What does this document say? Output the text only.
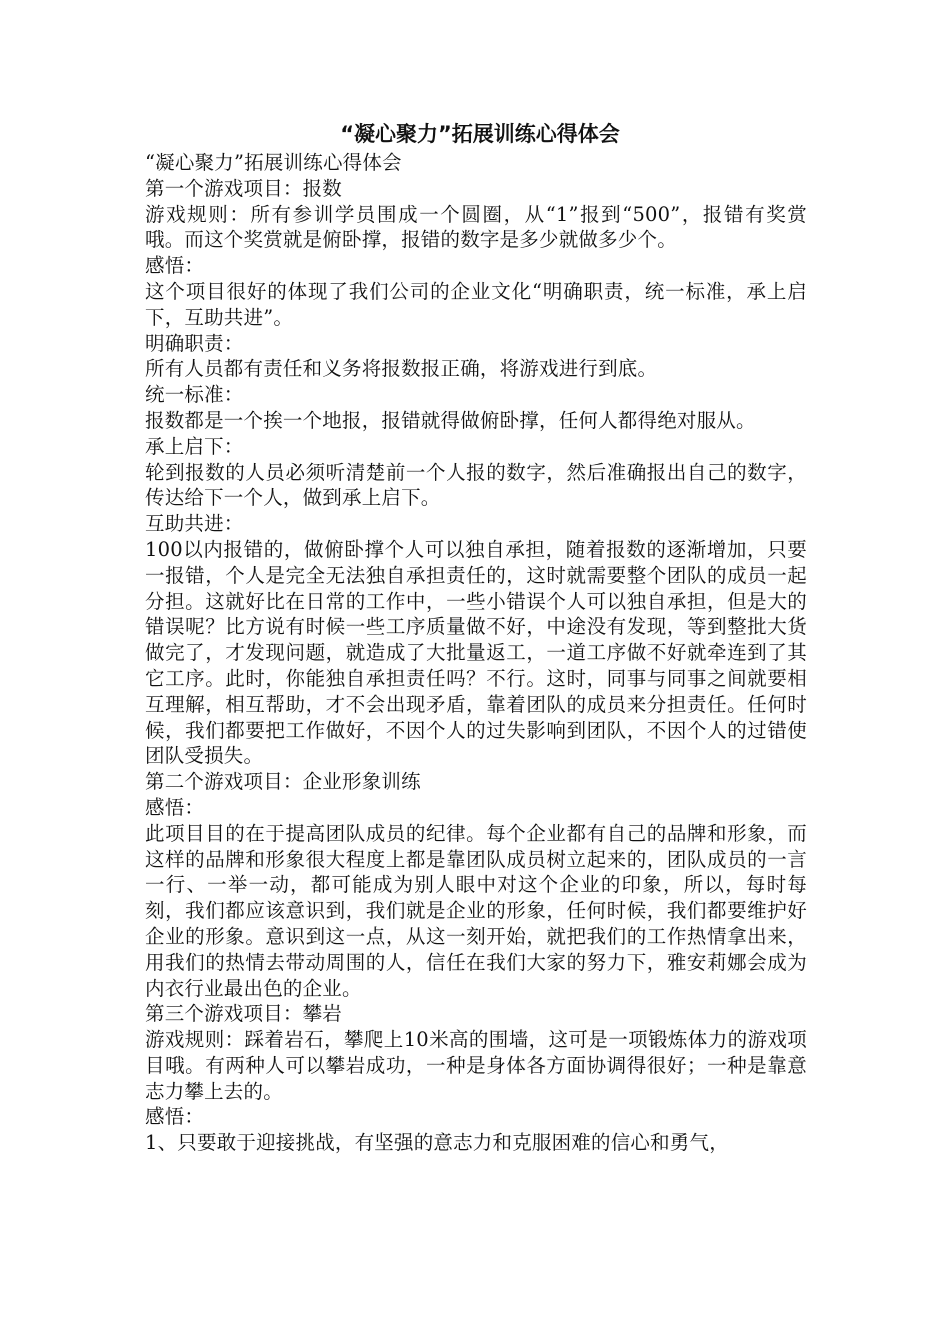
“凝心聚力”拓展训练心得体会

“凝心聚力”拓展训练心得体会

第一个游戏项目：报数

游戏规则：所有参训学员围成一个圆圈，从“1”报到“500”，报错有奖赏哦。而这个奖赏就是俯卧撑，报错的数字是多少就做多少个。

感悟：

这个项目很好的体现了我们公司的企业文化“明确职责，统一标准，承上启下，互助共进”。

明确职责：

所有人员都有责任和义务将报数报正确，将游戏进行到底。

统一标准：

报数都是一个挨一个地报，报错就得做俯卧撑，任何人都得绝对服从。

承上启下：

轮到报数的人员必须听清楚前一个人报的数字，然后准确报出自己的数字，传达给下一个人，做到承上启下。

互助共进：

100以内报错的，做俯卧撑个人可以独自承担，随着报数的逐渐增加，只要一报错，个人是完全无法独自承担责任的，这时就需要整个团队的成员一起分担。这就好比在日常的工作中，一些小错误个人可以独自承担，但是大的错误呢？比方说有时候一些工序质量做不好，中途没有发现，等到整批大货做完了，才发现问题，就造成了大批量返工，一道工序做不好就牵连到了其它工序。此时，你能独自承担责任吗？不行。这时，同事与同事之间就要相互理解，相互帮助，才不会出现矛盾，靠着团队的成员来分担责任。任何时候，我们都要把工作做好，不因个人的过失影响到团队，不因个人的过错使团队受损失。

第二个游戏项目：企业形象训练

感悟：

此项目目的在于提高团队成员的纪律。每个企业都有自己的品牌和形象，而这样的品牌和形象很大程度上都是靠团队成员树立起来的，团队成员的一言一行、一举一动，都可能成为别人眼中对这个企业的印象，所以，每时每刻，我们都应该意识到，我们就是企业的形象，任何时候，我们都要维护好企业的形象。意识到这一点，从这一刻开始，就把我们的工作热情拿出来，用我们的热情去带动周围的人，信任在我们大家的努力下，雅安莉娜会成为内衣行业最出色的企业。

第三个游戏项目：攀岩

游戏规则：踩着岩石，攀爬上10米高的围墙，这可是一项锻炼体力的游戏项目哦。有两种人可以攀岩成功，一种是身体各方面协调得很好；一种是靠意志力攀上去的。

感悟：

1、只要敢于迎接挑战，有坚强的意志力和克服困难的信心和勇气，
